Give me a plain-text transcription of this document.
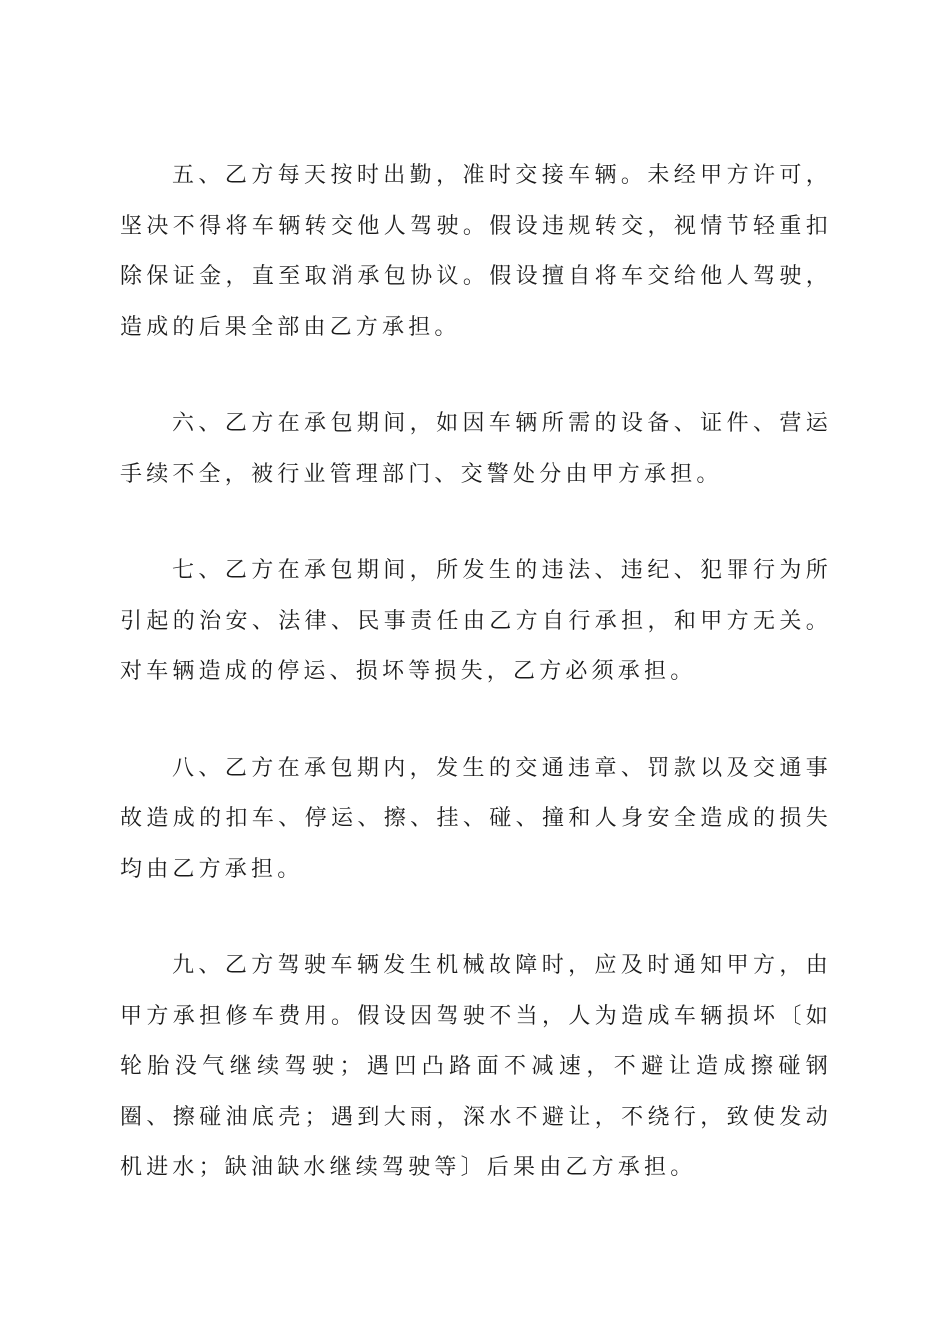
五、乙方每天按时出勤，准时交接车辆。未经甲方许可，坚决不得将车辆转交他人驾驶。假设违规转交，视情节轻重扣除保证金，直至取消承包协议。假设擅自将车交给他人驾驶，造成的后果全部由乙方承担。

六、乙方在承包期间，如因车辆所需的设备、证件、营运手续不全，被行业管理部门、交警处分由甲方承担。

七、乙方在承包期间，所发生的违法、违纪、犯罪行为所引起的治安、法律、民事责任由乙方自行承担，和甲方无关。对车辆造成的停运、损坏等损失，乙方必须承担。

八、乙方在承包期内，发生的交通违章、罚款以及交通事故造成的扣车、停运、擦、挂、碰、撞和人身安全造成的损失均由乙方承担。

九、乙方驾驶车辆发生机械故障时，应及时通知甲方，由甲方承担修车费用。假设因驾驶不当，人为造成车辆损坏〔如轮胎没气继续驾驶；遇凹凸路面不减速，不避让造成擦碰钢圈、擦碰油底壳；遇到大雨，深水不避让，不绕行，致使发动机进水；缺油缺水继续驾驶等〕后果由乙方承担。
